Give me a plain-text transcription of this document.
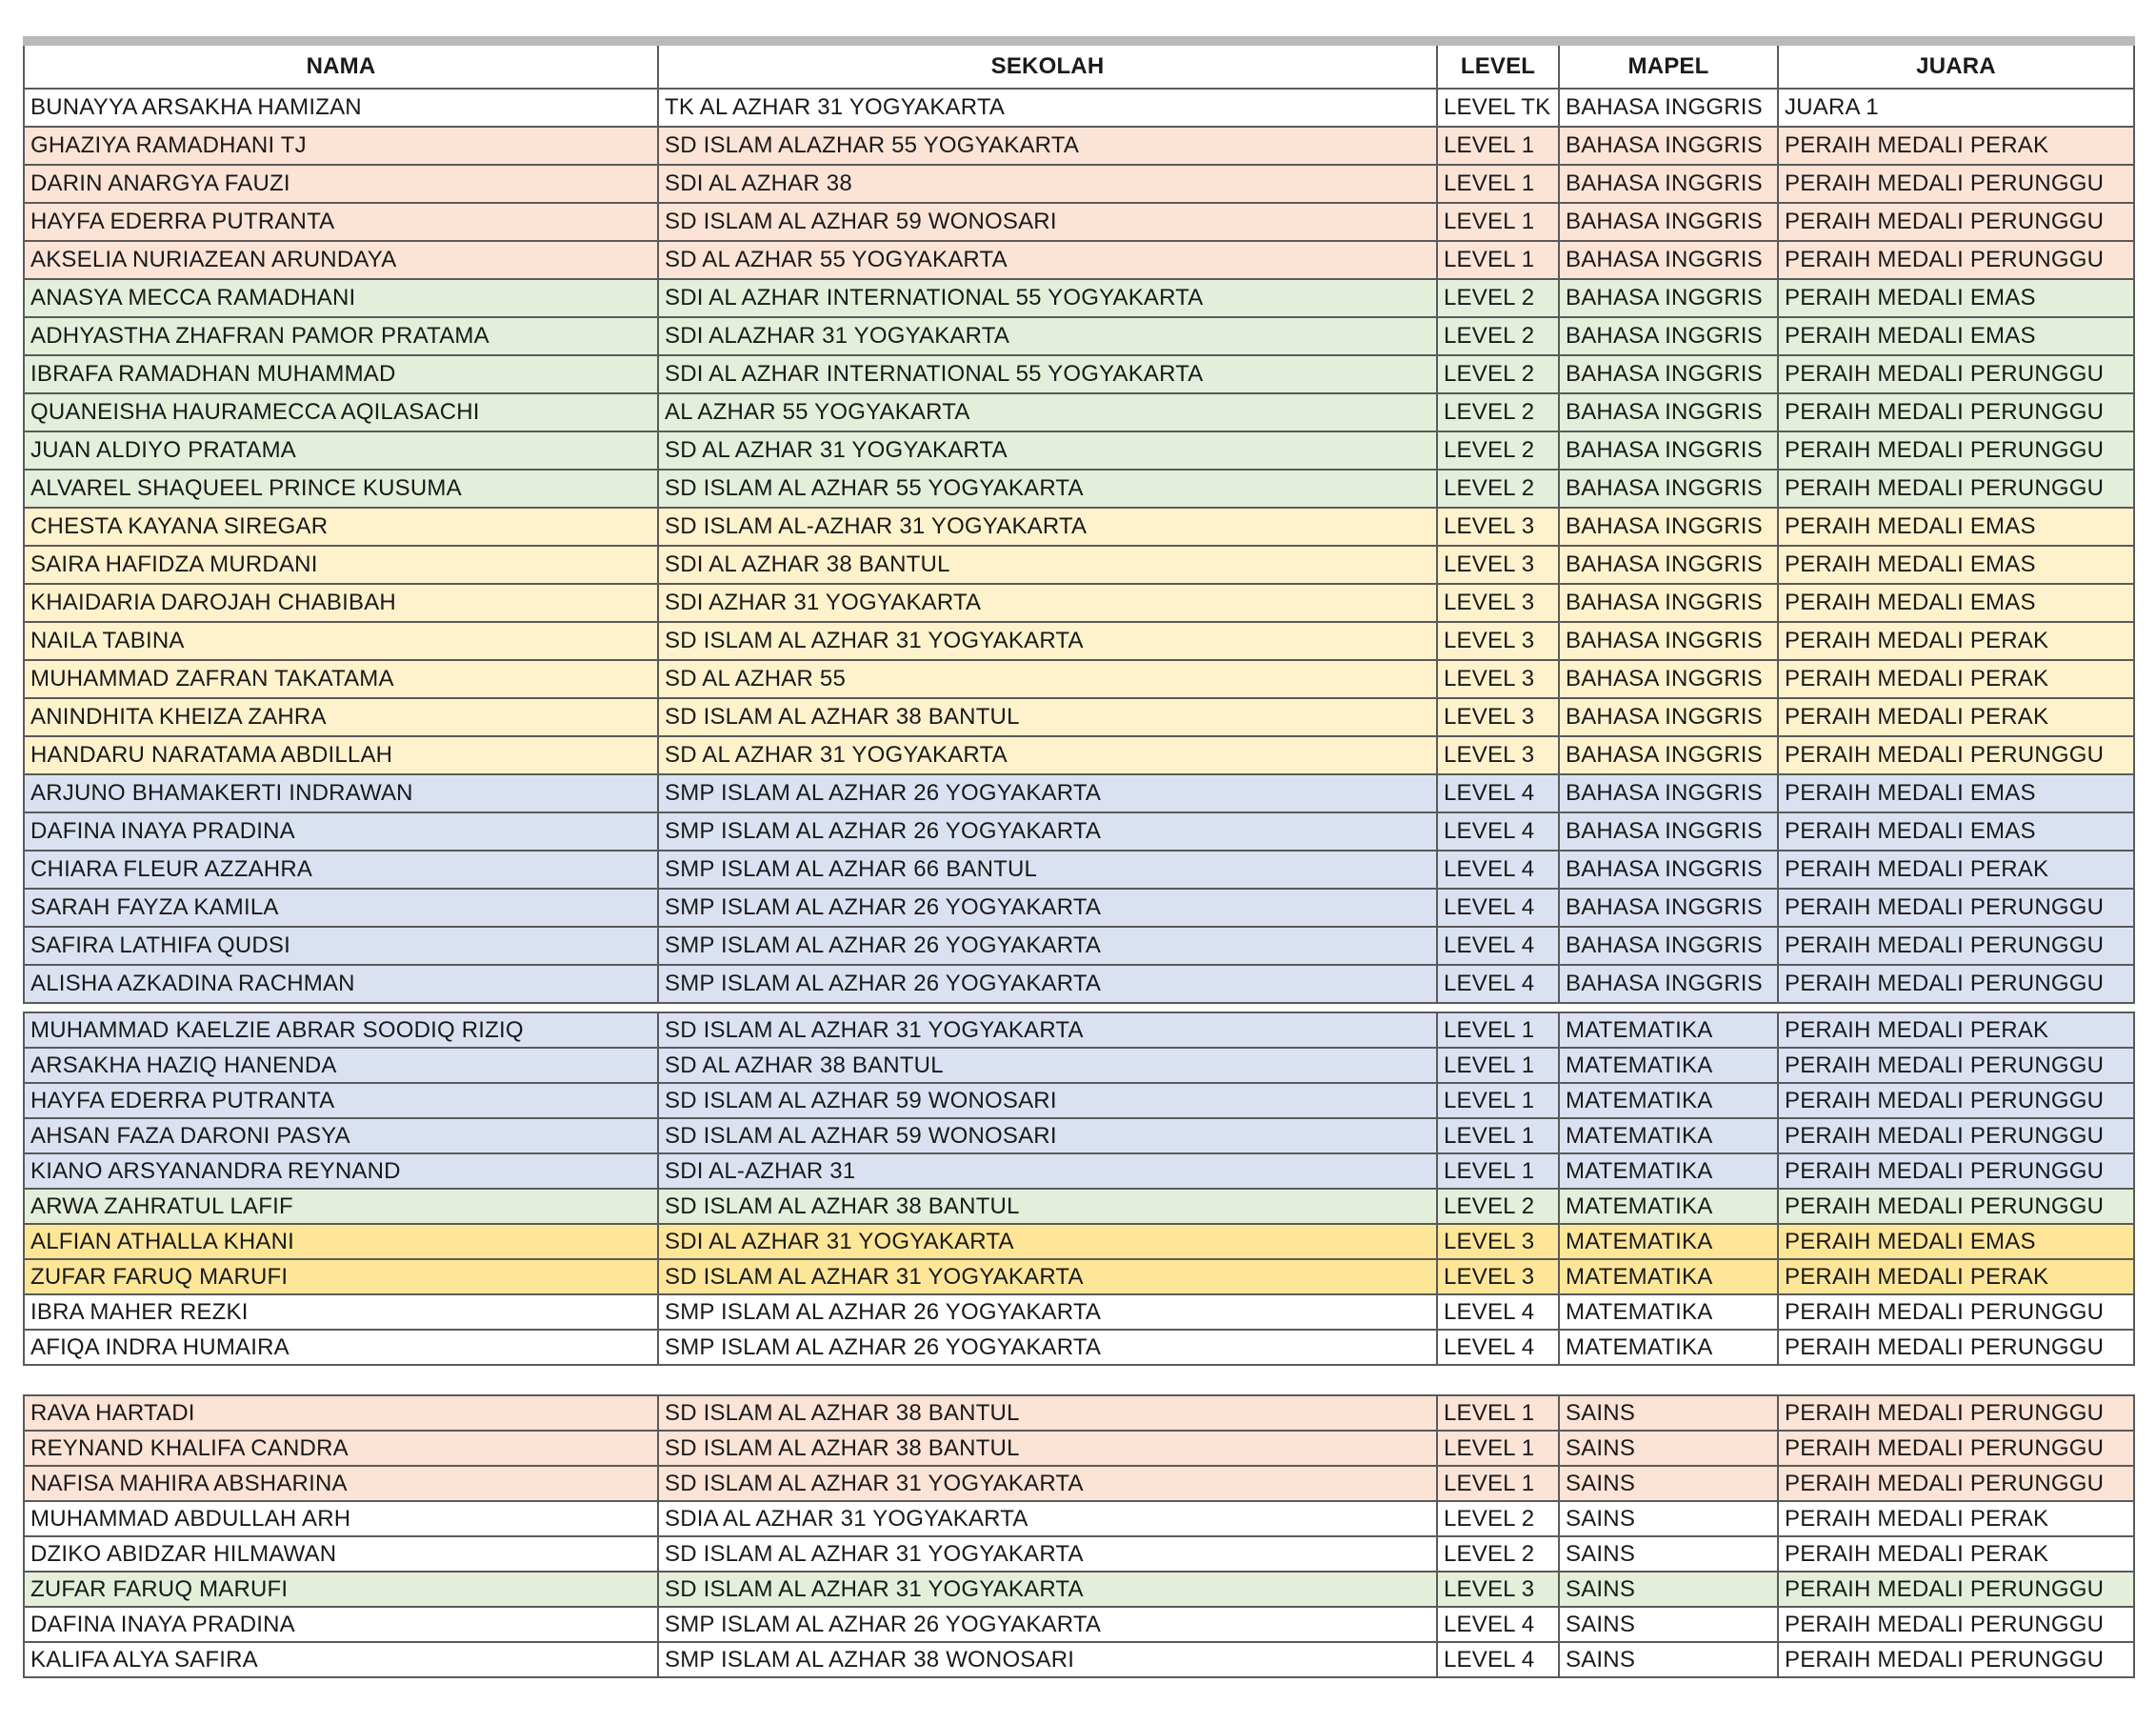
NAMA	SEKOLAH	LEVEL	MAPEL	JUARA
BUNAYYA ARSAKHA HAMIZAN	TK AL AZHAR 31 YOGYAKARTA	LEVEL TK	BAHASA INGGRIS	JUARA 1
GHAZIYA RAMADHANI TJ	SD ISLAM ALAZHAR 55 YOGYAKARTA	LEVEL 1	BAHASA INGGRIS	PERAIH MEDALI PERAK
DARIN ANARGYA FAUZI	SDI AL AZHAR 38	LEVEL 1	BAHASA INGGRIS	PERAIH MEDALI PERUNGGU
HAYFA EDERRA PUTRANTA	SD ISLAM AL AZHAR 59 WONOSARI	LEVEL 1	BAHASA INGGRIS	PERAIH MEDALI PERUNGGU
AKSELIA NURIAZEAN ARUNDAYA	SD AL AZHAR 55 YOGYAKARTA	LEVEL 1	BAHASA INGGRIS	PERAIH MEDALI PERUNGGU
ANASYA MECCA RAMADHANI	SDI AL AZHAR INTERNATIONAL 55 YOGYAKARTA	LEVEL 2	BAHASA INGGRIS	PERAIH MEDALI EMAS
ADHYASTHA ZHAFRAN PAMOR PRATAMA	SDI ALAZHAR 31 YOGYAKARTA	LEVEL 2	BAHASA INGGRIS	PERAIH MEDALI EMAS
IBRAFA RAMADHAN MUHAMMAD	SDI AL AZHAR INTERNATIONAL 55 YOGYAKARTA	LEVEL 2	BAHASA INGGRIS	PERAIH MEDALI PERUNGGU
QUANEISHA HAURAMECCA AQILASACHI	AL AZHAR 55 YOGYAKARTA	LEVEL 2	BAHASA INGGRIS	PERAIH MEDALI PERUNGGU
JUAN ALDIYO PRATAMA	SD AL AZHAR 31 YOGYAKARTA	LEVEL 2	BAHASA INGGRIS	PERAIH MEDALI PERUNGGU
ALVAREL SHAQUEEL PRINCE KUSUMA	SD ISLAM AL AZHAR 55 YOGYAKARTA	LEVEL 2	BAHASA INGGRIS	PERAIH MEDALI PERUNGGU
CHESTA KAYANA SIREGAR	SD ISLAM AL-AZHAR 31 YOGYAKARTA	LEVEL 3	BAHASA INGGRIS	PERAIH MEDALI EMAS
SAIRA HAFIDZA MURDANI	SDI AL AZHAR 38 BANTUL	LEVEL 3	BAHASA INGGRIS	PERAIH MEDALI EMAS
KHAIDARIA DAROJAH CHABIBAH	SDI AZHAR 31 YOGYAKARTA	LEVEL 3	BAHASA INGGRIS	PERAIH MEDALI EMAS
NAILA TABINA	SD ISLAM AL AZHAR 31 YOGYAKARTA	LEVEL 3	BAHASA INGGRIS	PERAIH MEDALI PERAK
MUHAMMAD ZAFRAN TAKATAMA	SD AL AZHAR 55	LEVEL 3	BAHASA INGGRIS	PERAIH MEDALI PERAK
ANINDHITA KHEIZA ZAHRA	SD ISLAM AL AZHAR 38 BANTUL	LEVEL 3	BAHASA INGGRIS	PERAIH MEDALI PERAK
HANDARU NARATAMA ABDILLAH	SD AL AZHAR 31 YOGYAKARTA	LEVEL 3	BAHASA INGGRIS	PERAIH MEDALI PERUNGGU
ARJUNO BHAMAKERTI INDRAWAN	SMP ISLAM AL AZHAR 26 YOGYAKARTA	LEVEL 4	BAHASA INGGRIS	PERAIH MEDALI EMAS
DAFINA INAYA PRADINA	SMP ISLAM AL AZHAR 26 YOGYAKARTA	LEVEL 4	BAHASA INGGRIS	PERAIH MEDALI EMAS
CHIARA FLEUR AZZAHRA	SMP ISLAM AL AZHAR 66 BANTUL	LEVEL 4	BAHASA INGGRIS	PERAIH MEDALI PERAK
SARAH FAYZA KAMILA	SMP ISLAM AL AZHAR 26 YOGYAKARTA	LEVEL 4	BAHASA INGGRIS	PERAIH MEDALI PERUNGGU
SAFIRA LATHIFA QUDSI	SMP ISLAM AL AZHAR 26 YOGYAKARTA	LEVEL 4	BAHASA INGGRIS	PERAIH MEDALI PERUNGGU
ALISHA AZKADINA RACHMAN	SMP ISLAM AL AZHAR 26 YOGYAKARTA	LEVEL 4	BAHASA INGGRIS	PERAIH MEDALI PERUNGGU
MUHAMMAD KAELZIE ABRAR SOODIQ RIZIQ	SD ISLAM AL AZHAR 31 YOGYAKARTA	LEVEL 1	MATEMATIKA	PERAIH MEDALI PERAK
ARSAKHA HAZIQ HANENDA	SD AL AZHAR 38 BANTUL	LEVEL 1	MATEMATIKA	PERAIH MEDALI PERUNGGU
HAYFA EDERRA PUTRANTA	SD ISLAM AL AZHAR 59 WONOSARI	LEVEL 1	MATEMATIKA	PERAIH MEDALI PERUNGGU
AHSAN FAZA DARONI PASYA	SD ISLAM AL AZHAR 59 WONOSARI	LEVEL 1	MATEMATIKA	PERAIH MEDALI PERUNGGU
KIANO ARSYANANDRA REYNAND	SDI AL-AZHAR 31	LEVEL 1	MATEMATIKA	PERAIH MEDALI PERUNGGU
ARWA ZAHRATUL LAFIF	SD ISLAM AL AZHAR 38 BANTUL	LEVEL 2	MATEMATIKA	PERAIH MEDALI PERUNGGU
ALFIAN ATHALLA KHANI	SDI AL AZHAR 31 YOGYAKARTA	LEVEL 3	MATEMATIKA	PERAIH MEDALI EMAS
ZUFAR FARUQ MARUFI	SD ISLAM AL AZHAR 31 YOGYAKARTA	LEVEL 3	MATEMATIKA	PERAIH MEDALI PERAK
IBRA MAHER REZKI	SMP ISLAM AL AZHAR 26 YOGYAKARTA	LEVEL 4	MATEMATIKA	PERAIH MEDALI PERUNGGU
AFIQA INDRA HUMAIRA	SMP ISLAM AL AZHAR 26 YOGYAKARTA	LEVEL 4	MATEMATIKA	PERAIH MEDALI PERUNGGU
RAVA HARTADI	SD ISLAM AL AZHAR 38 BANTUL	LEVEL 1	SAINS	PERAIH MEDALI PERUNGGU
REYNAND KHALIFA CANDRA	SD ISLAM AL AZHAR 38 BANTUL	LEVEL 1	SAINS	PERAIH MEDALI PERUNGGU
NAFISA MAHIRA ABSHARINA	SD ISLAM AL AZHAR 31 YOGYAKARTA	LEVEL 1	SAINS	PERAIH MEDALI PERUNGGU
MUHAMMAD ABDULLAH ARH	SDIA AL AZHAR 31 YOGYAKARTA	LEVEL 2	SAINS	PERAIH MEDALI PERAK
DZIKO ABIDZAR HILMAWAN	SD ISLAM AL AZHAR 31 YOGYAKARTA	LEVEL 2	SAINS	PERAIH MEDALI PERAK
ZUFAR FARUQ MARUFI	SD ISLAM AL AZHAR 31 YOGYAKARTA	LEVEL 3	SAINS	PERAIH MEDALI PERUNGGU
DAFINA INAYA PRADINA	SMP ISLAM AL AZHAR 26 YOGYAKARTA	LEVEL 4	SAINS	PERAIH MEDALI PERUNGGU
KALIFA ALYA SAFIRA	SMP ISLAM AL AZHAR 38 WONOSARI	LEVEL 4	SAINS	PERAIH MEDALI PERUNGGU
